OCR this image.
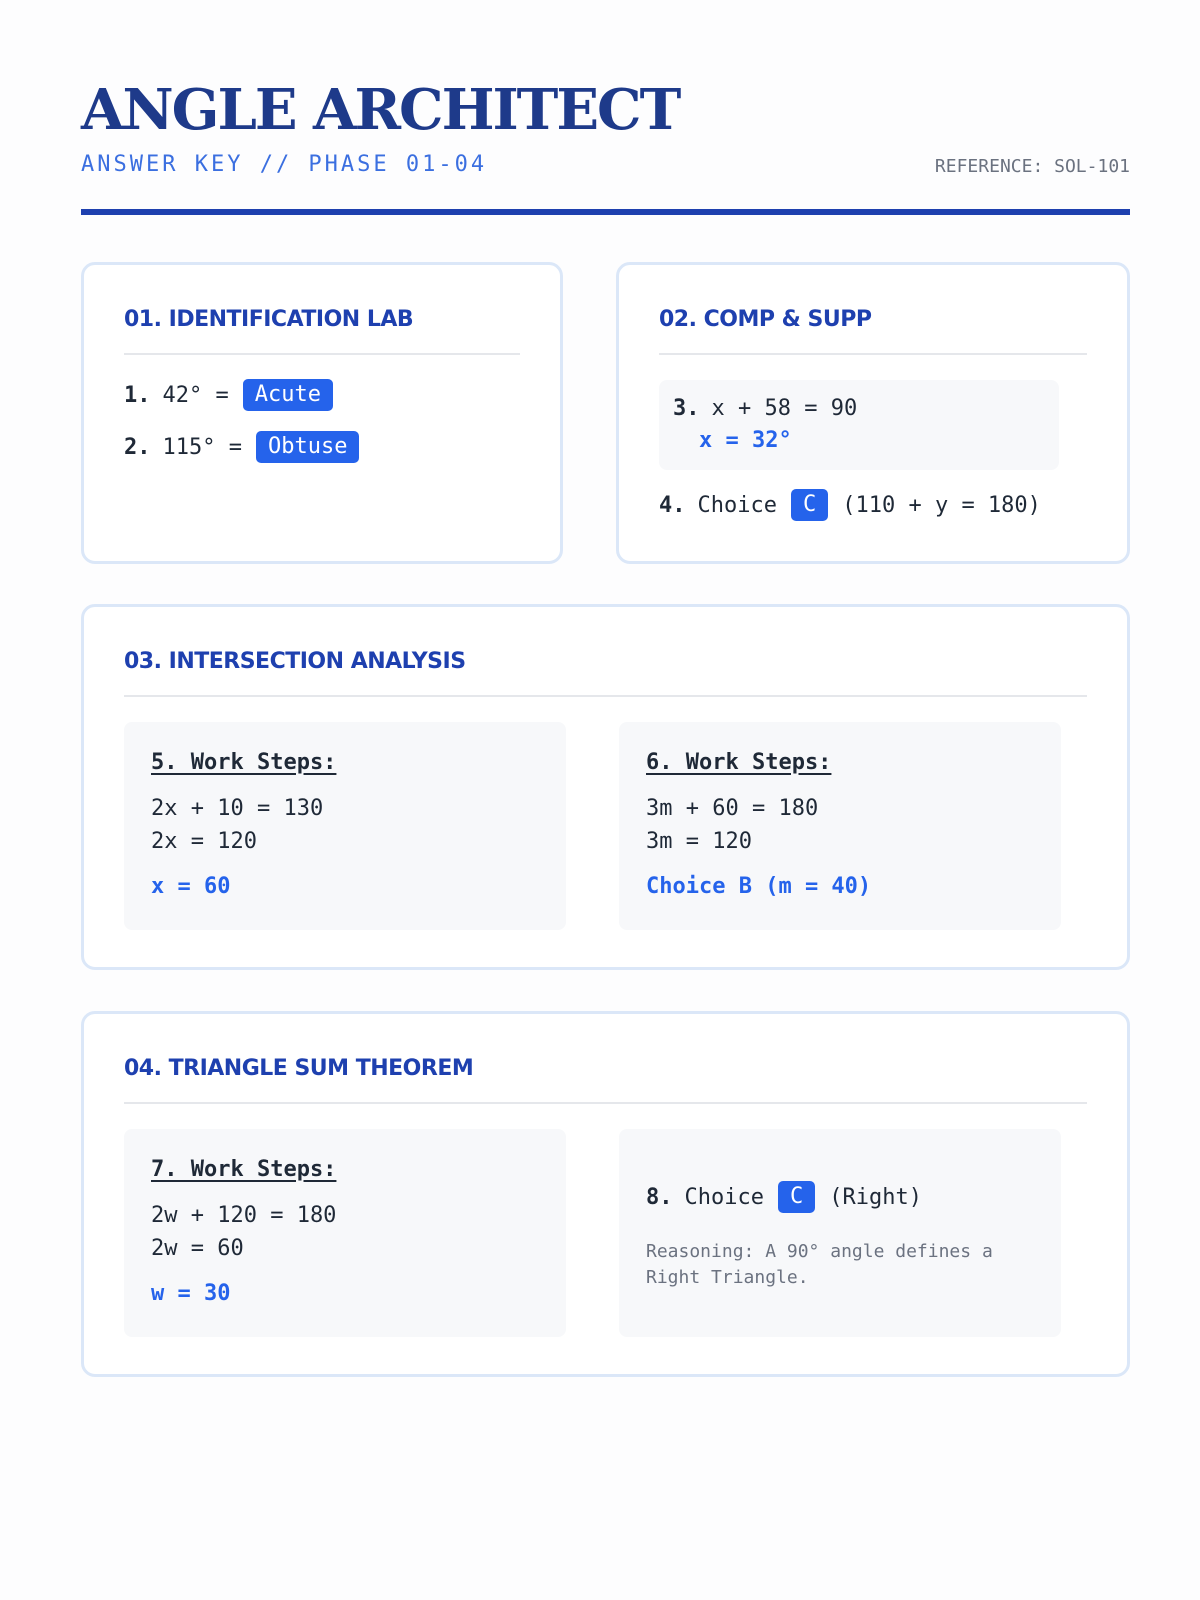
ANGLE ARCHITECT
ANSWER KEY // PHASE 01-04	REFERENCE: SOL-101
01. IDENTIFICATION LAB
1. 42° =	Acute
2. 115° =	Obtuse
02. COMP & SUPP
3. x + 58 = 90
x = 32°
4. Choice	C	(110 + y = 180)
03. INTERSECTION ANALYSIS
5. Work Steps:
2x + 10 = 130
2x = 120
x = 60
6. Work Steps:
3m + 60 = 180
3m = 120
Choice B (m = 40)
04. TRIANGLE SUM THEOREM
7. Work Steps:
2w + 120 = 180
2w = 60
w = 30
8. Choice	C	(Right)
Reasoning: A 90° angle defines a Right Triangle.
